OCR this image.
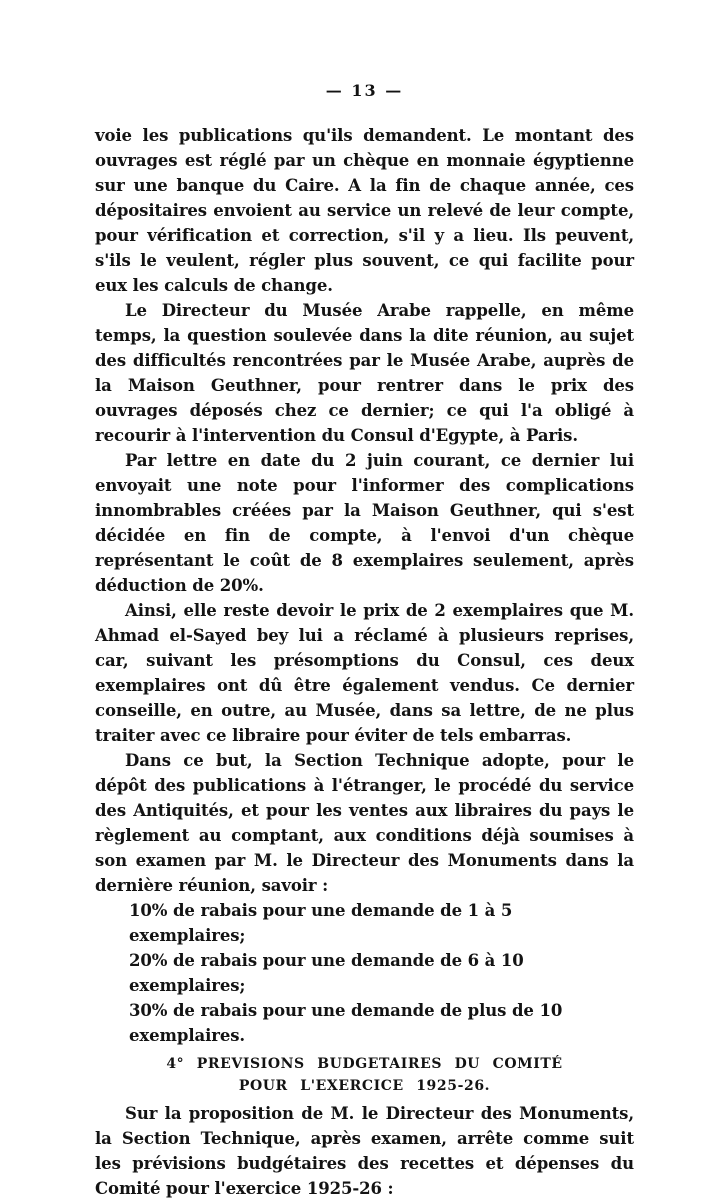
— 13 —

voie les publications qu'ils demandent. Le montant des ouvrages est réglé par un chèque en monnaie égyptienne sur une banque du Caire. A la fin de chaque année, ces dépositaires envoient au service un relevé de leur compte, pour vérification et correction, s'il y a lieu. Ils peuvent, s'ils le veulent, régler plus souvent, ce qui facilite pour eux les calculs de change.

Le Directeur du Musée Arabe rappelle, en même temps, la question soulevée dans la dite réunion, au sujet des difficultés rencontrées par le Musée Arabe, auprès de la Maison Geuthner, pour rentrer dans le prix des ouvrages déposés chez ce dernier; ce qui l'a obligé à recourir à l'intervention du Consul d'Egypte, à Paris.

Par lettre en date du 2 juin courant, ce dernier lui envoyait une note pour l'informer des complications innombrables créées par la Maison Geuthner, qui s'est décidée en fin de compte, à l'envoi d'un chèque représentant le coût de 8 exemplaires seulement, après déduction de 20%.

Ainsi, elle reste devoir le prix de 2 exemplaires que M. Ahmad el-Sayed bey lui a réclamé à plusieurs reprises, car, suivant les présomptions du Consul, ces deux exemplaires ont dû être également vendus. Ce dernier conseille, en outre, au Musée, dans sa lettre, de ne plus traiter avec ce libraire pour éviter de tels embarras.

Dans ce but, la Section Technique adopte, pour le dépôt des publications à l'étranger, le procédé du service des Antiquités, et pour les ventes aux libraires du pays le règlement au comptant, aux conditions déjà soumises à son examen par M. le Directeur des Monuments dans la dernière réunion, savoir :

10% de rabais pour une demande de 1 à 5 exemplaires;

20% de rabais pour une demande de 6 à 10 exemplaires;

30% de rabais pour une demande de plus de 10 exemplaires.

4° PREVISIONS BUDGETAIRES DU COMITÉ
POUR L'EXERCICE 1925-26.

Sur la proposition de M. le Directeur des Monuments, la Section Technique, après examen, arrête comme suit les prévisions budgétaires des recettes et dépenses du Comité pour l'exercice 1925-26 :
